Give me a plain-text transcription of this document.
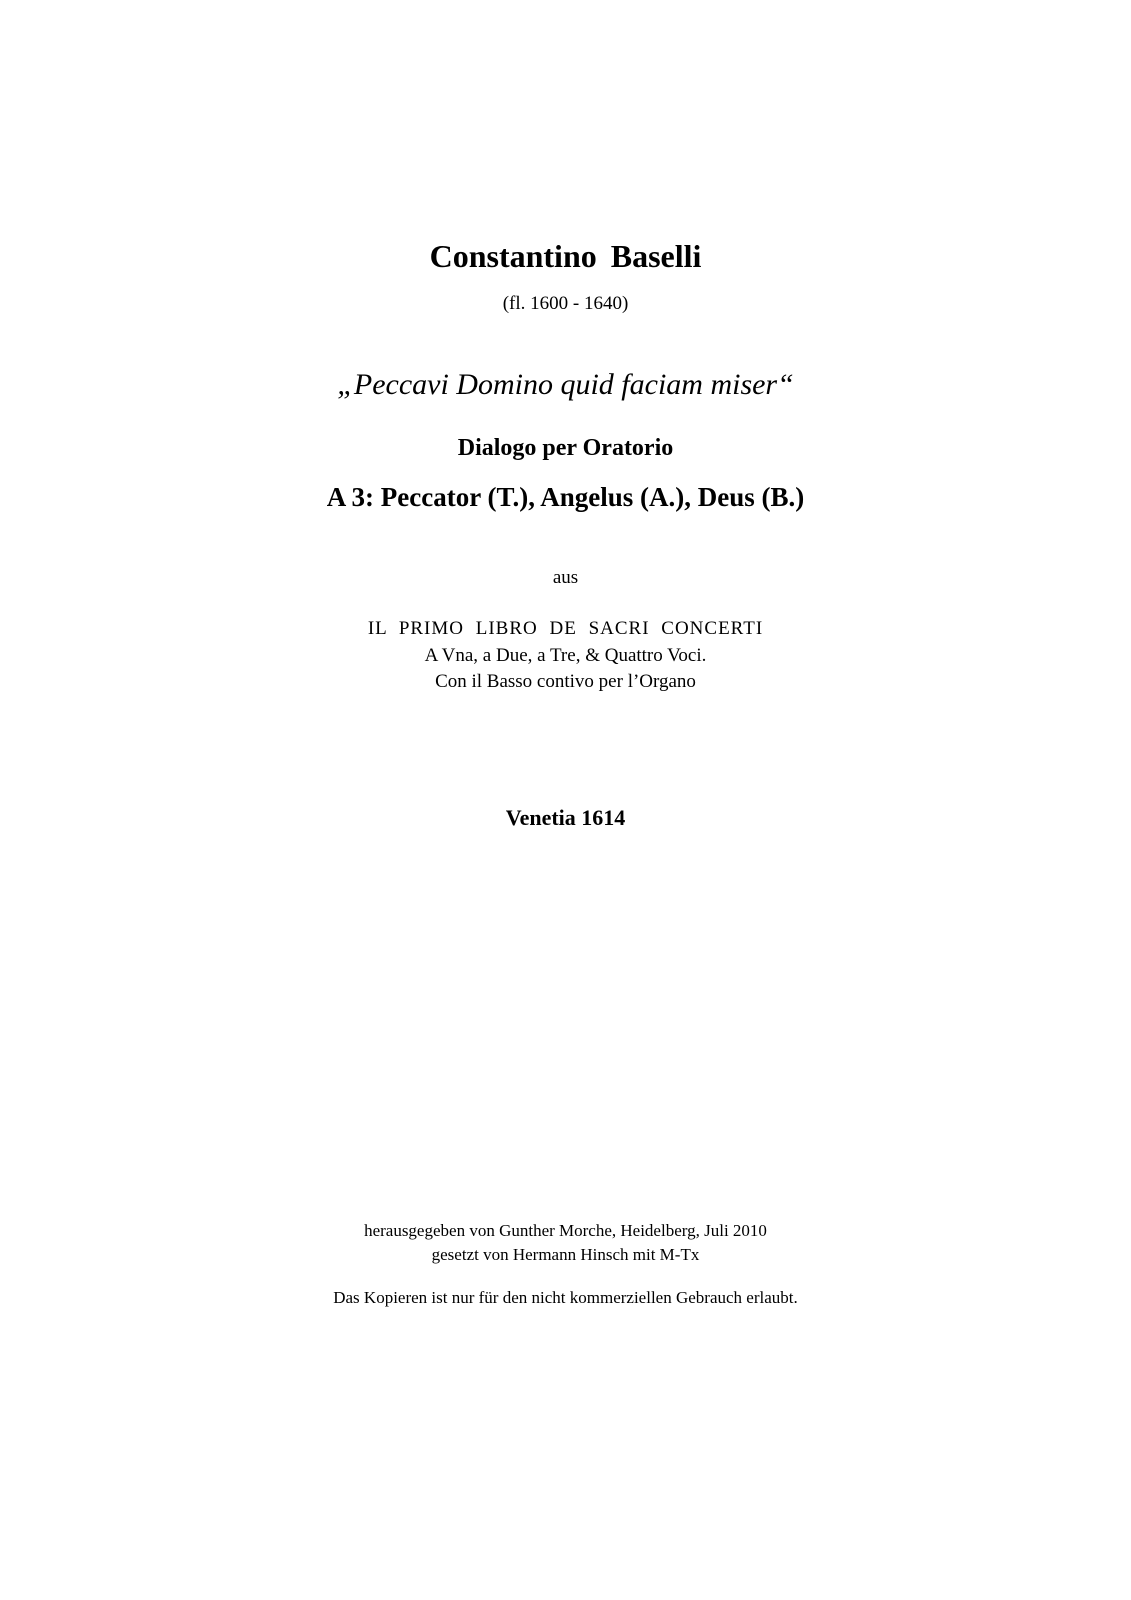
Constantino Baselli
(fl. 1600 - 1640)
„Peccavi Domino quid faciam miser“
Dialogo per Oratorio
A 3: Peccator (T.), Angelus (A.), Deus (B.)
aus
IL PRIMO LIBRO DE SACRI CONCERTI
A Vna, a Due, a Tre, & Quattro Voci.
Con il Basso contivo per l’Organo
Venetia 1614
herausgegeben von Gunther Morche, Heidelberg, Juli 2010
gesetzt von Hermann Hinsch mit M-Tx
Das Kopieren ist nur für den nicht kommerziellen Gebrauch erlaubt.
